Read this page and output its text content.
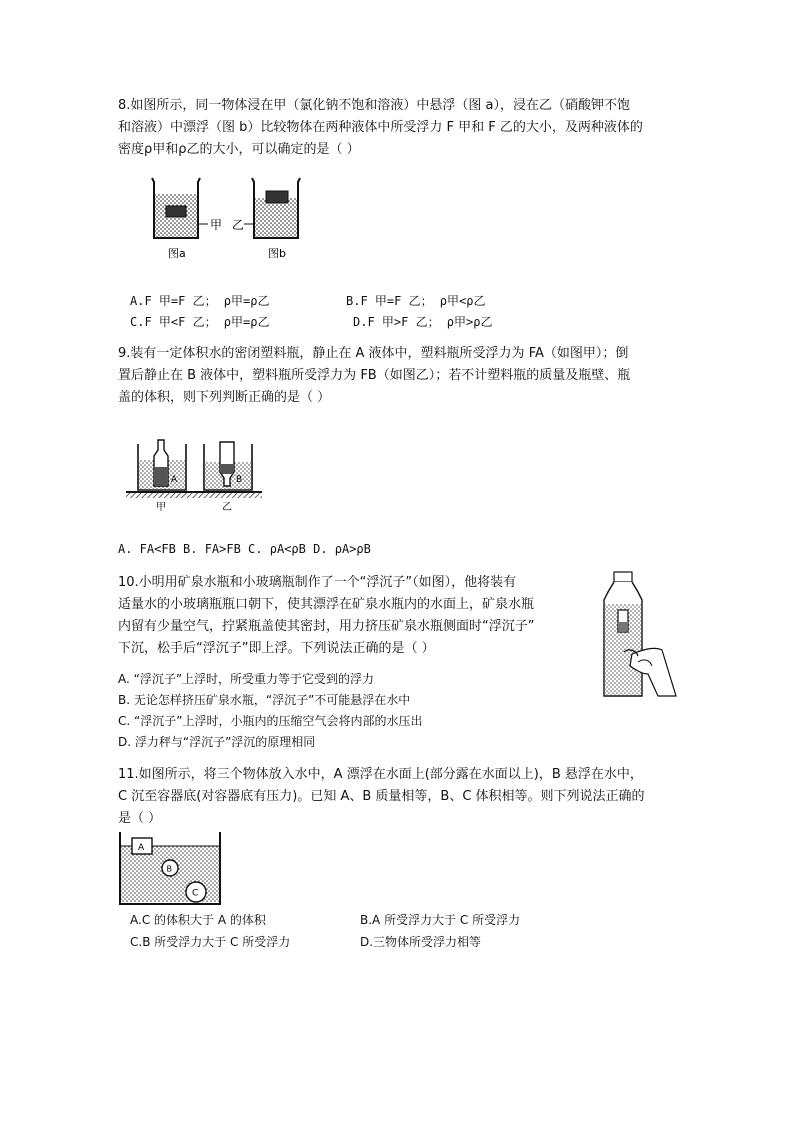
8.如图所示，同一物体浸在甲（氯化钠不饱和溶液）中悬浮（图 a），浸在乙（硝酸钾不饱
和溶液）中漂浮（图 b）比较物体在两种液体中所受浮力 F 甲和 F 乙的大小，及两种液体的
密度ρ甲和ρ乙的大小，可以确定的是（ ）
甲
图a
乙
图b
A.F 甲=F 乙； ρ甲=ρ乙	B.F 甲=F 乙； ρ甲<ρ乙
C.F 甲<F 乙； ρ甲=ρ乙	D.F 甲>F 乙； ρ甲>ρ乙
9.装有一定体积水的密闭塑料瓶，静止在 A 液体中，塑料瓶所受浮力为 FA（如图甲）；倒
置后静止在 B 液体中，塑料瓶所受浮力为 FB（如图乙）；若不计塑料瓶的质量及瓶壁、瓶
盖的体积，则下列判断正确的是（ ）
A
甲
B
乙
A. FA<FB B. FA>FB C. ρA<ρB D. ρA>ρB
10.小明用矿泉水瓶和小玻璃瓶制作了一个“浮沉子”（如图），他将装有
适量水的小玻璃瓶瓶口朝下，使其漂浮在矿泉水瓶内的水面上，矿泉水瓶
内留有少量空气，拧紧瓶盖使其密封，用力挤压矿泉水瓶侧面时“浮沉子”
下沉，松手后“浮沉子”即上浮。下列说法正确的是（ ）
A. “浮沉子”上浮时，所受重力等于它受到的浮力
B. 无论怎样挤压矿泉水瓶，“浮沉子”不可能悬浮在水中
C. “浮沉子”上浮时，小瓶内的压缩空气会将内部的水压出
D. 浮力秤与“浮沉子”浮沉的原理相同
11.如图所示，将三个物体放入水中，A 漂浮在水面上(部分露在水面以上)，B 悬浮在水中，
C 沉至容器底(对容器底有压力)。已知 A、B 质量相等，B、C 体积相等。则下列说法正确的
是（ ）
A
B
C
A.C 的体积大于 A 的体积	B.A 所受浮力大于 C 所受浮力
C.B 所受浮力大于 C 所受浮力	D.三物体所受浮力相等
